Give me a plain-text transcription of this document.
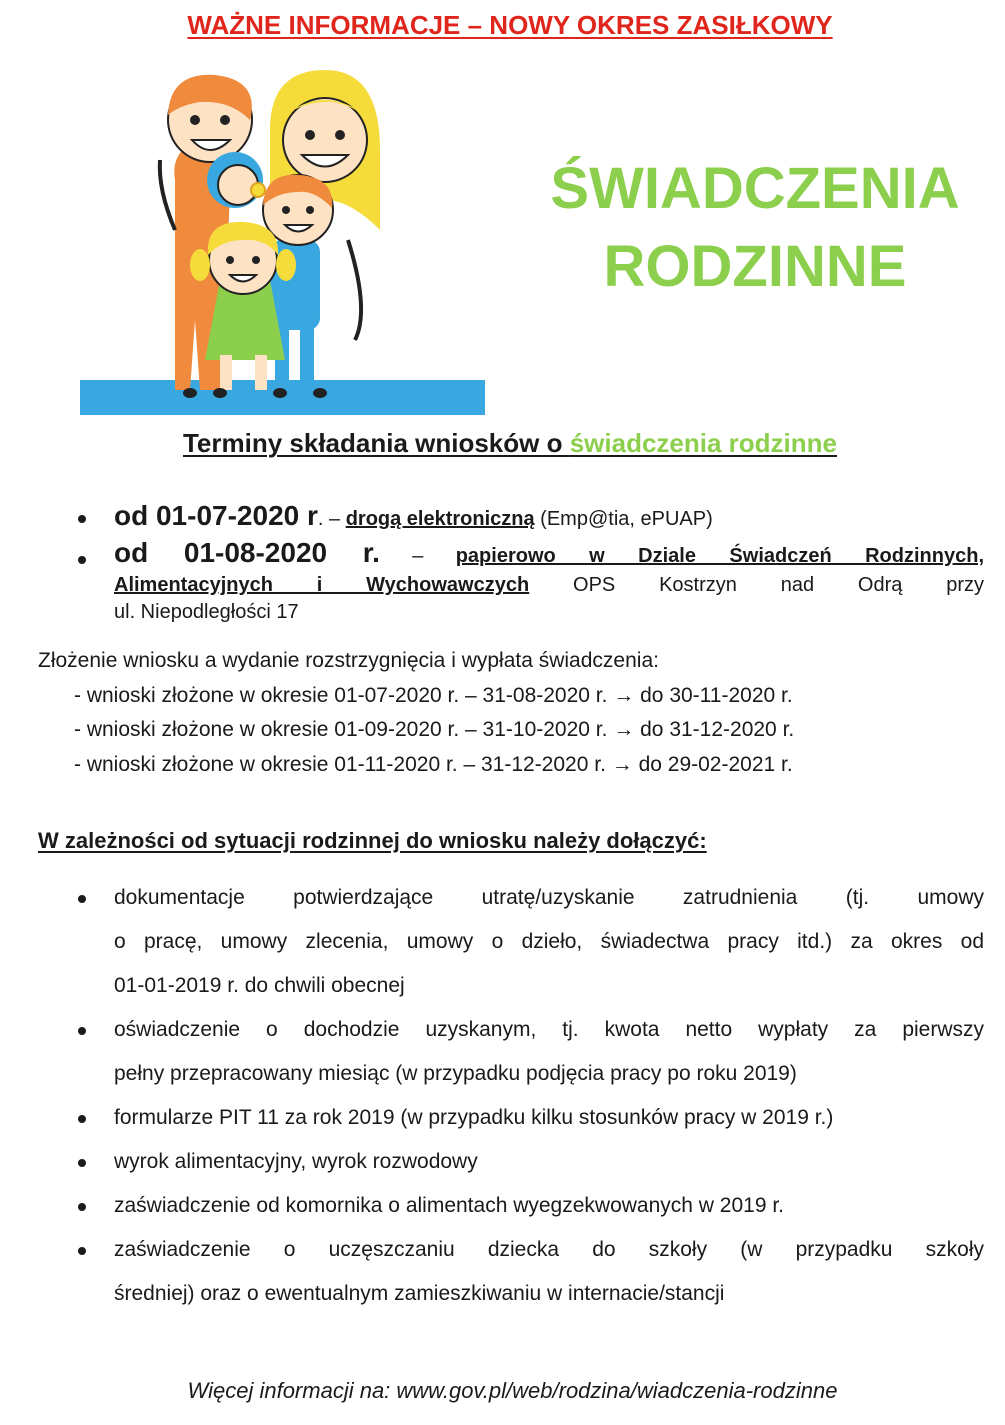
WAŻNE INFORMACJE – NOWY OKRES ZASIŁKOWY
ŚWIADCZENIA
RODZINNE
Terminy składania wniosków o świadczenia rodzinne
od 01-07-2020 r. – drogą elektroniczną (Emp@tia, ePUAP)
od 01-08-2020 r. – papierowo w Dziale Świadczeń Rodzinnych,
Alimentacyjnych i Wychowawczych OPS Kostrzyn nad Odrą przy
ul. Niepodległości 17
Złożenie wniosku a wydanie rozstrzygnięcia i wypłata świadczenia:
- wnioski złożone w okresie 01-07-2020 r. – 31-08-2020 r. → do 30-11-2020 r.
- wnioski złożone w okresie 01-09-2020 r. – 31-10-2020 r. → do 31-12-2020 r.
- wnioski złożone w okresie 01-11-2020 r. – 31-12-2020 r. → do 29-02-2021 r.
W zależności od sytuacji rodzinnej do wniosku należy dołączyć:
dokumentacje potwierdzające utratę/uzyskanie zatrudnienia (tj. umowy
o pracę, umowy zlecenia, umowy o dzieło, świadectwa pracy itd.) za okres od
01-01-2019 r. do chwili obecnej
oświadczenie o dochodzie uzyskanym, tj. kwota netto wypłaty za pierwszy
pełny przepracowany miesiąc (w przypadku podjęcia pracy po roku 2019)
formularze PIT 11 za rok 2019 (w przypadku kilku stosunków pracy w 2019 r.)
wyrok alimentacyjny, wyrok rozwodowy
zaświadczenie od komornika o alimentach wyegzekwowanych w 2019 r.
zaświadczenie o uczęszczaniu dziecka do szkoły (w przypadku szkoły
średniej) oraz o ewentualnym zamieszkiwaniu w internacie/stancji
Więcej informacji na: www.gov.pl/web/rodzina/wiadczenia-rodzinne
